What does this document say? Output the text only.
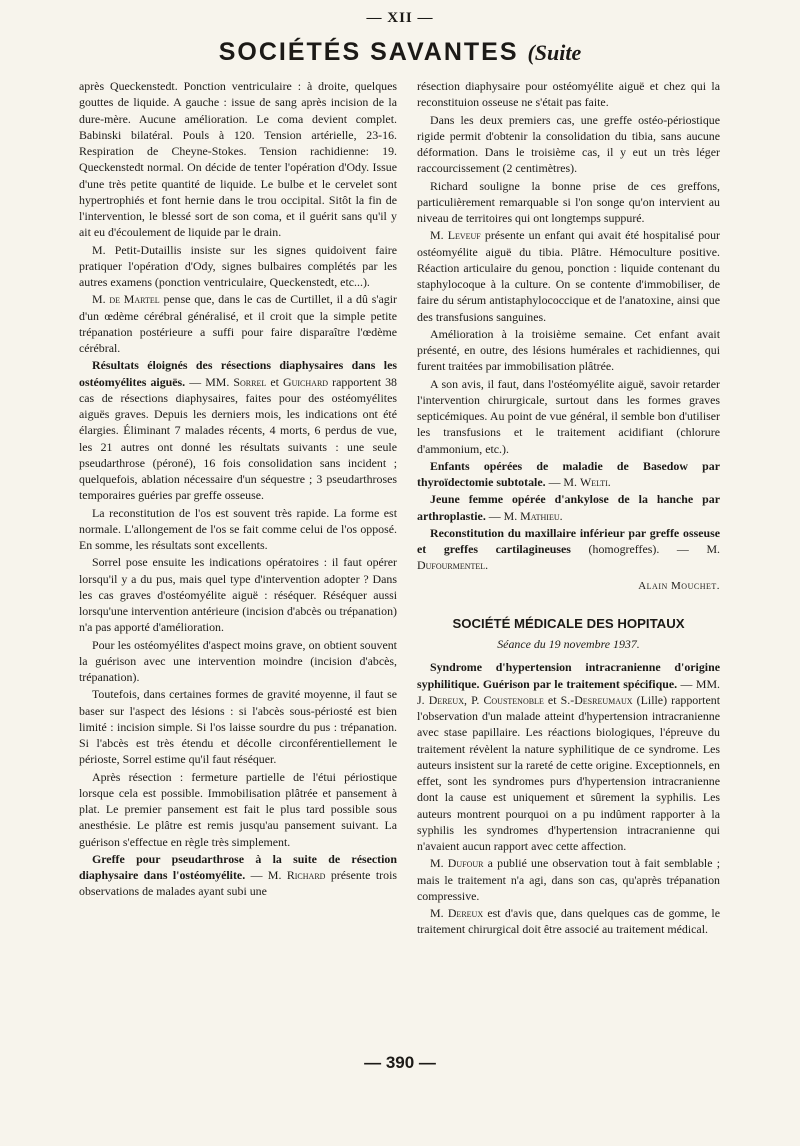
— XII —
SOCIÉTÉS SAVANTES (Suite

après Queckenstedt. Ponction ventriculaire : à droite, quelques gouttes de liquide. A gauche : issue de sang après incision de la dure-mère. Aucune amélioration. Le coma devient complet. Babinski bilatéral. Pouls à 120. Tension artérielle, 23-16. Respiration de Cheyne-Stokes. Tension rachidienne: 19. Queckenstedt normal. On décide de tenter l'opération d'Ody. Issue d'une très petite quantité de liquide. Le bulbe et le cervelet sont hypertrophiés et font hernie dans le trou occipital. Sitôt la fin de l'intervention, le blessé sort de son coma, et il guérit sans qu'il y ait eu d'écoulement de liquide par le drain.

M. Petit-Dutaillis insiste sur les signes quidoivent faire pratiquer l'opération d'Ody, signes bulbaires complétés par les autres examens (ponction ventriculaire, Queckenstedt, etc...).

M. de Martel pense que, dans le cas de Curtillet, il a dû s'agir d'un œdème cérébral généralisé, et il croit que la simple petite trépanation postérieure a suffi pour faire disparaître l'œdème cérébral.

Résultats éloignés des résections diaphysaires dans les ostéomyélites aiguës. — MM. Sorrel et Guichard rapportent 38 cas de résections diaphysaires, faites pour des ostéomyélites aiguës graves. Depuis les derniers mois, les indications ont été élargies. Éliminant 7 malades récents, 4 morts, 6 perdus de vue, les 21 autres ont donné les résultats suivants : une seule pseudarthrose (péroné), 16 fois consolidation sans incident ; quelquefois, ablation nécessaire d'un séquestre ; 3 pseudarthroses temporaires guéries par greffe osseuse.

La reconstitution de l'os est souvent très rapide. La forme est normale. L'allongement de l'os se fait comme celui de l'os opposé. En somme, les résultats sont excellents.

Sorrel pose ensuite les indications opératoires : il faut opérer lorsqu'il y a du pus, mais quel type d'intervention adopter ? Dans les cas graves d'ostéomyélite aiguë : réséquer. Réséquer aussi lorsqu'une intervention antérieure (incision d'abcès ou trépanation) n'a pas apporté d'amélioration.

Pour les ostéomyélites d'aspect moins grave, on obtient souvent la guérison avec une intervention moindre (incision d'abcès, trépanation).

Toutefois, dans certaines formes de gravité moyenne, il faut se baser sur l'aspect des lésions : si l'abcès sous-périosté est bien limité : incision simple. Si l'os laisse sourdre du pus : trépanation. Si l'abcès est très étendu et décolle circonférentiellement le périoste, Sorrel estime qu'il faut réséquer.

Après résection : fermeture partielle de l'étui périostique lorsque cela est possible. Immobilisation plâtrée et pansement à plat. Le premier pansement est fait le plus tard possible sous anesthésie. Le plâtre est remis jusqu'au pansement suivant. La guérison s'effectue en règle très simplement.

Greffe pour pseudarthrose à la suite de résection diaphysaire dans l'ostéomyélite. — M. Richard présente trois observations de malades ayant subi une

résection diaphysaire pour ostéomyélite aiguë et chez qui la reconstituion osseuse ne s'était pas faite.

Dans les deux premiers cas, une greffe ostéo-périostique rigide permit d'obtenir la consolidation du tibia, sans aucune déformation. Dans le troisième cas, il y eut un très léger raccourcissement (2 centimètres).

Richard souligne la bonne prise de ces greffons, particulièrement remarquable si l'on songe qu'on intervient au niveau de territoires qui ont longtemps suppuré.

M. Leveuf présente un enfant qui avait été hospitalisé pour ostéomyélite aiguë du tibia. Plâtre. Hémoculture positive. Réaction articulaire du genou, ponction : liquide contenant du staphylocoque à la culture. On se contente d'immobiliser, de faire du sérum antistaphylococcique et de l'anatoxine, ainsi que des transfusions sanguines.

Amélioration à la troisième semaine. Cet enfant avait présenté, en outre, des lésions humérales et rachidiennes, qui furent traitées par immobilisation plâtrée.

A son avis, il faut, dans l'ostéomyélite aiguë, savoir retarder l'intervention chirurgicale, surtout dans les formes graves septicémiques. Au point de vue général, il semble bon d'utiliser les transfusions et le traitement acidifiant (chlorure d'ammonium, etc.).

Enfants opérées de maladie de Basedow par thyroïdectomie subtotale. — M. Welti.

Jeune femme opérée d'ankylose de la hanche par arthroplastie. — M. Mathieu.

Reconstitution du maxillaire inférieur par greffe osseuse et greffes cartilagineuses (homogreffes). — M. Dufourmentel.

Alain Mouchet.

SOCIÉTÉ MÉDICALE DES HOPITAUX
Séance du 19 novembre 1937.

Syndrome d'hypertension intracranienne d'origine syphilitique. Guérison par le traitement spécifique. — MM. J. Dereux, P. Coustenoble et S.-Desreumaux (Lille) rapportent l'observation d'un malade atteint d'hypertension intracranienne avec stase papillaire. Les réactions biologiques, l'épreuve du traitement révèlent la nature syphilitique de ce syndrome. Les auteurs insistent sur la rareté de cette origine. Exceptionnels, en effet, sont les syndromes purs d'hypertension intracranienne dont la cause est uniquement et sûrement la syphilis. Les auteurs montrent pourquoi on a pu indûment rapporter à la syphilis les syndromes d'hypertension intracranienne qui n'avaient aucun rapport avec cette affection.

M. Dufour a publié une observation tout à fait semblable ; mais le traitement n'a agi, dans son cas, qu'après trépanation compressive.

M. Dereux est d'avis que, dans quelques cas de gomme, le traitement chirurgical doit être associé au traitement médical.

— 390 —
